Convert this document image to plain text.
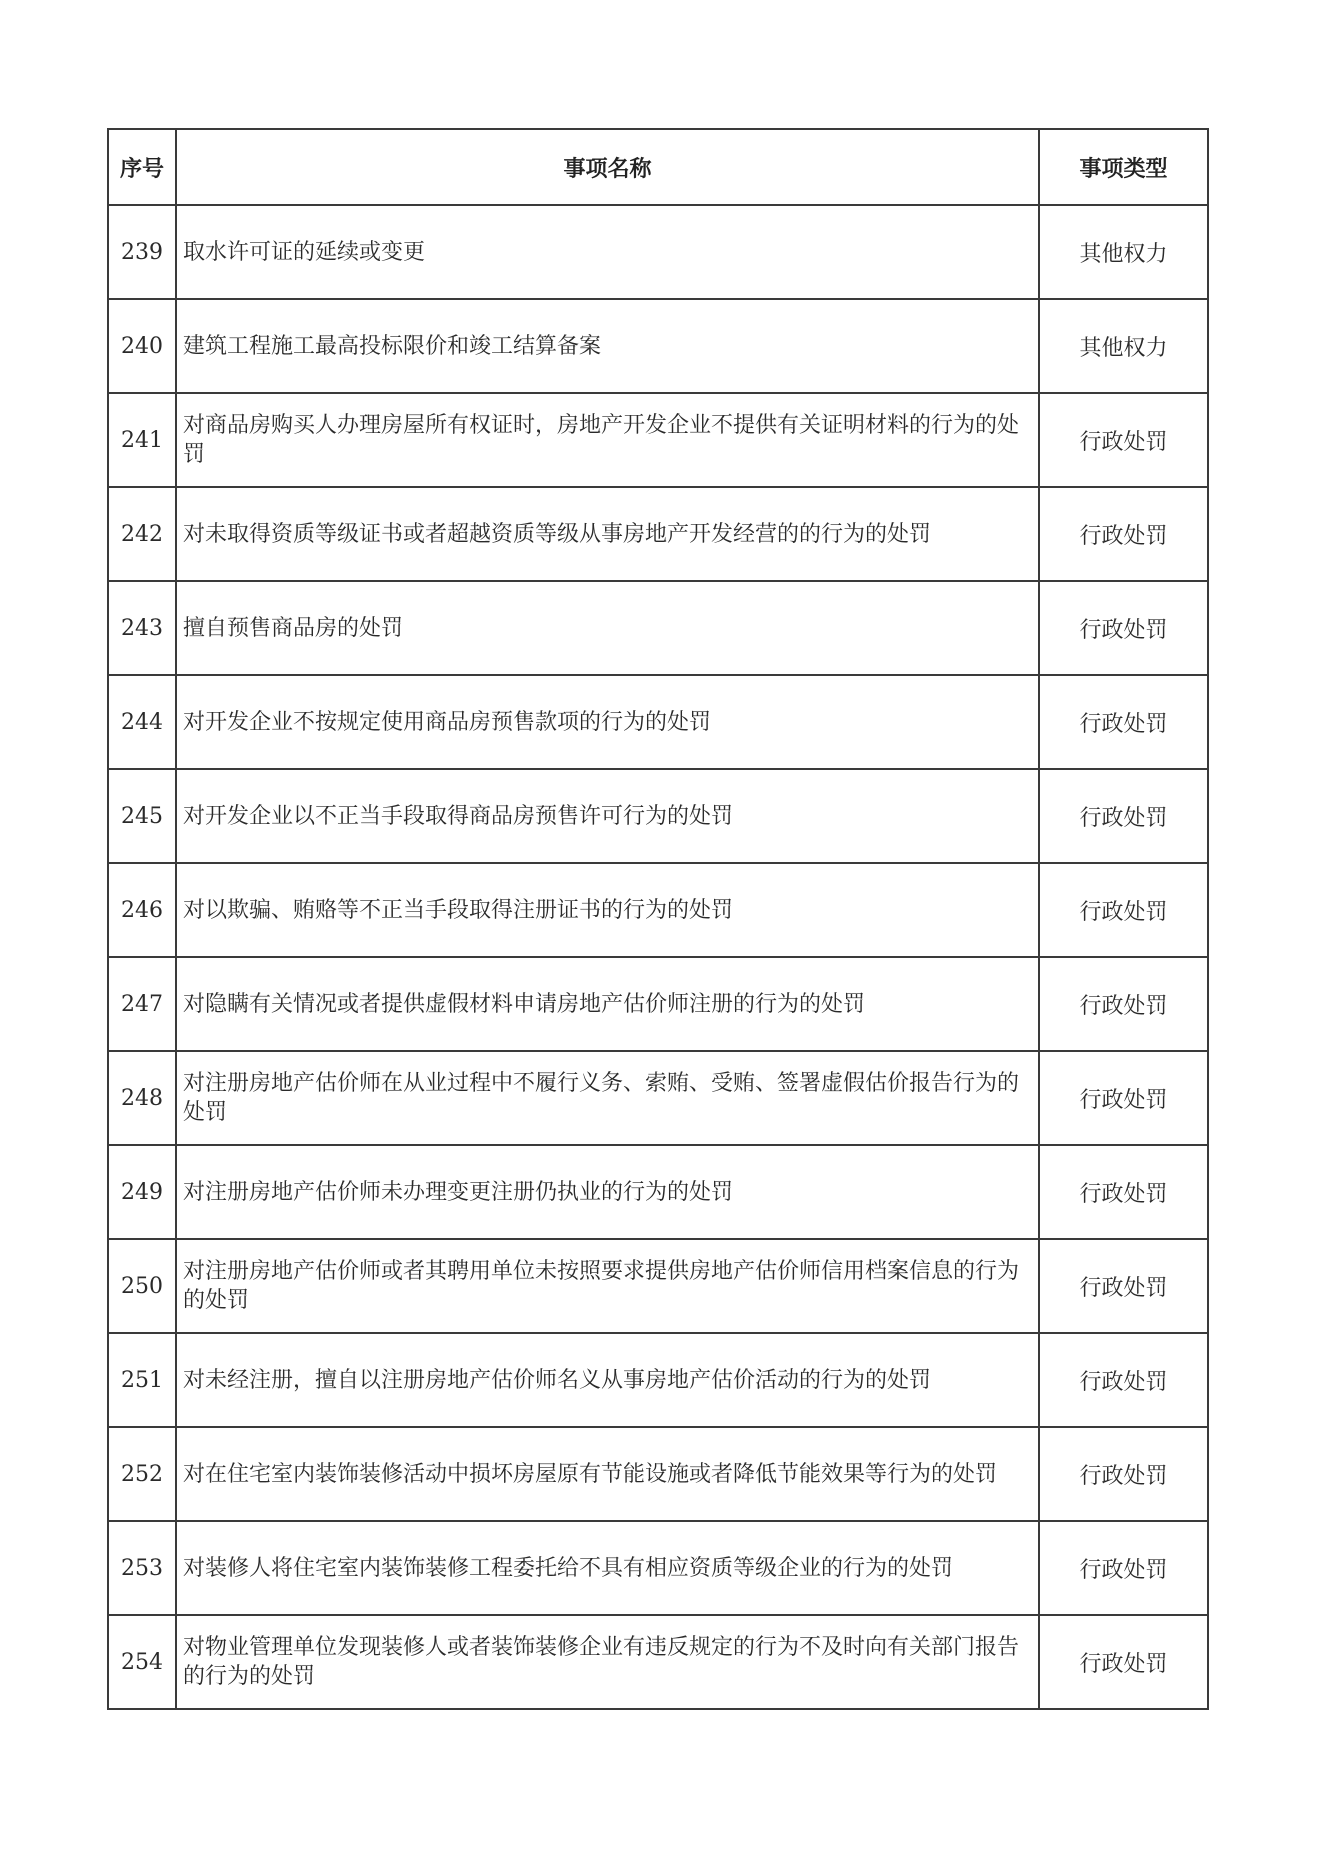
序号	事项名称	事项类型
239	取水许可证的延续或变更	其他权力
240	建筑工程施工最高投标限价和竣工结算备案	其他权力
241	对商品房购买人办理房屋所有权证时，房地产开发企业不提供有关证明材料的行为的处罚	行政处罚
242	对未取得资质等级证书或者超越资质等级从事房地产开发经营的的行为的处罚	行政处罚
243	擅自预售商品房的处罚	行政处罚
244	对开发企业不按规定使用商品房预售款项的行为的处罚	行政处罚
245	对开发企业以不正当手段取得商品房预售许可行为的处罚	行政处罚
246	对以欺骗、贿赂等不正当手段取得注册证书的行为的处罚	行政处罚
247	对隐瞒有关情况或者提供虚假材料申请房地产估价师注册的行为的处罚	行政处罚
248	对注册房地产估价师在从业过程中不履行义务、索贿、受贿、签署虚假估价报告行为的处罚	行政处罚
249	对注册房地产估价师未办理变更注册仍执业的行为的处罚	行政处罚
250	对注册房地产估价师或者其聘用单位未按照要求提供房地产估价师信用档案信息的行为的处罚	行政处罚
251	对未经注册，擅自以注册房地产估价师名义从事房地产估价活动的行为的处罚	行政处罚
252	对在住宅室内装饰装修活动中损坏房屋原有节能设施或者降低节能效果等行为的处罚	行政处罚
253	对装修人将住宅室内装饰装修工程委托给不具有相应资质等级企业的行为的处罚	行政处罚
254	对物业管理单位发现装修人或者装饰装修企业有违反规定的行为不及时向有关部门报告的行为的处罚	行政处罚
